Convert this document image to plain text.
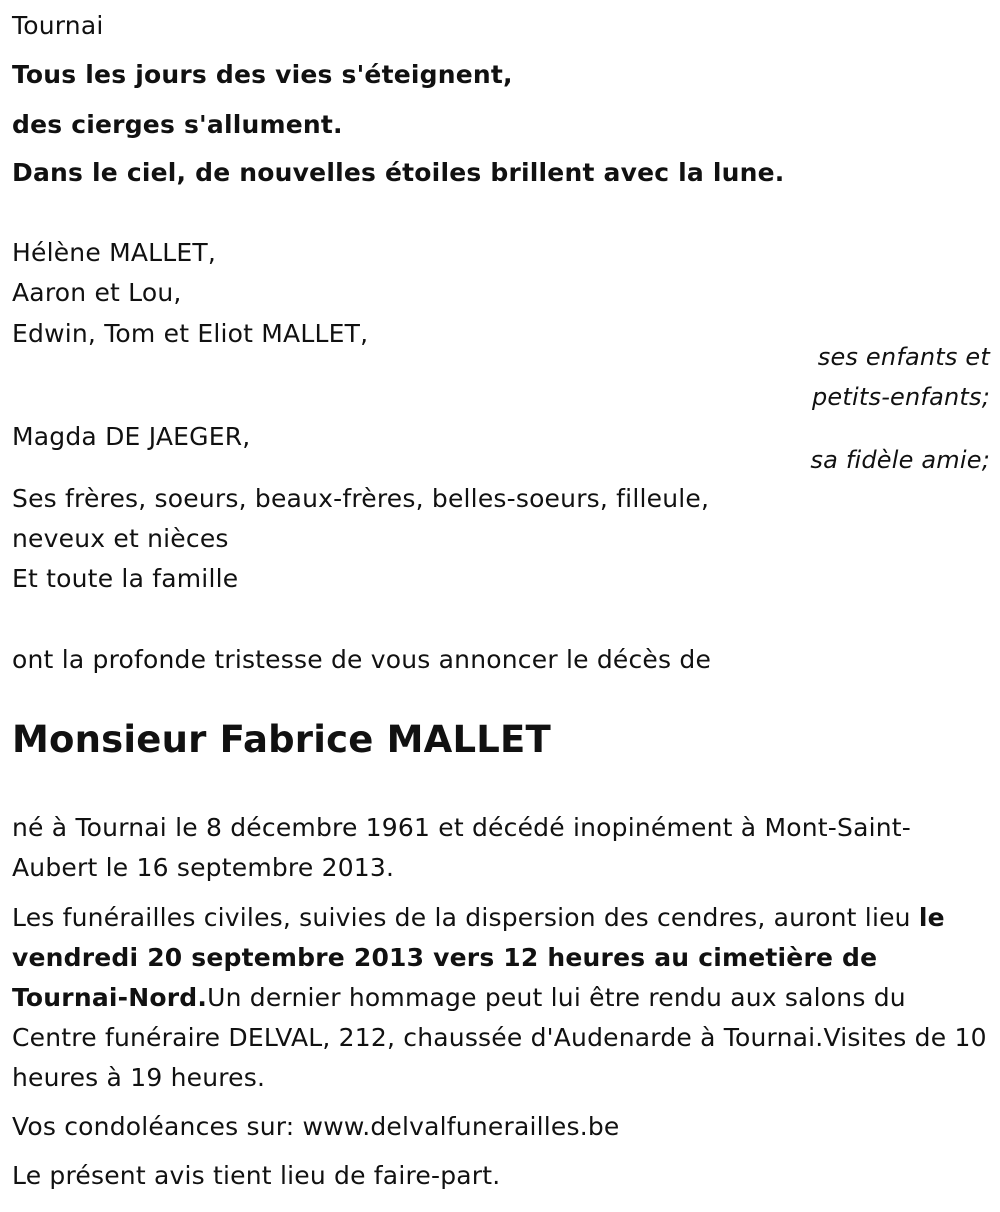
Tournai
Tous les jours des vies s'éteignent,
des cierges s'allument.
Dans le ciel, de nouvelles étoiles brillent avec la lune.
Hélène MALLET,
Aaron et Lou,
Edwin, Tom et Eliot MALLET,
ses enfants et
petits-enfants;
Magda DE JAEGER,
sa fidèle amie;
Ses frères, soeurs, beaux-frères, belles-soeurs, filleule,
neveux et nièces
Et toute la famille
ont la profonde tristesse de vous annoncer le décès de
Monsieur Fabrice MALLET
né à Tournai le 8 décembre 1961 et décédé inopinément à Mont-Saint-Aubert le 16 septembre 2013.
Les funérailles civiles, suivies de la dispersion des cendres, auront lieu le vendredi 20 septembre 2013 vers 12 heures au cimetière de Tournai-Nord.Un dernier hommage peut lui être rendu aux salons du Centre funéraire DELVAL, 212, chaussée d'Audenarde à Tournai.Visites de 10 heures à 19 heures.
Vos condoléances sur: www.delvalfunerailles.be
Le présent avis tient lieu de faire-part.
